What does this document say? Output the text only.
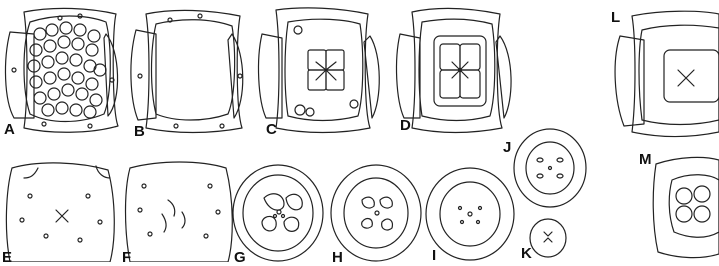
A	B	C	D
E	F	G	H	I
J
K
L
M
